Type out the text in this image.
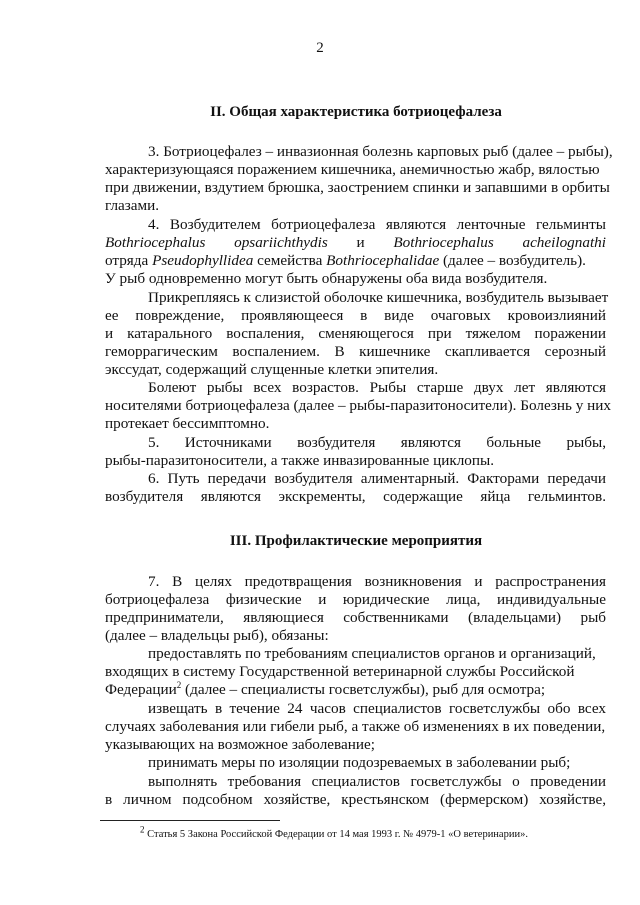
2
II. Общая характеристика ботриоцефалеза
3. Ботриоцефалез – инвазионная болезнь карповых рыб (далее – рыбы),
характеризующаяся поражением кишечника, анемичностью жабр, вялостью
при движении, вздутием брюшка, заострением спинки и запавшими в орбиты
глазами.
4. Возбудителем ботриоцефалеза являются ленточные гельминты
Bothriocephalus opsariichthydis и Bothriocephalus acheilognathi
отряда Pseudophyllidea семейства Bothriocephalidae (далее – возбудитель).
У рыб одновременно могут быть обнаружены оба вида возбудителя.
Прикрепляясь к слизистой оболочке кишечника, возбудитель вызывает
ее повреждение, проявляющееся в виде очаговых кровоизлияний
и катарального воспаления, сменяющегося при тяжелом поражении
геморрагическим воспалением. В кишечнике скапливается серозный
экссудат, содержащий слущенные клетки эпителия.
Болеют рыбы всех возрастов. Рыбы старше двух лет являются
носителями ботриоцефалеза (далее – рыбы-паразитоносители). Болезнь у них
протекает бессимптомно.
5. Источниками возбудителя являются больные рыбы,
рыбы-паразитоносители, а также инвазированные циклопы.
6. Путь передачи возбудителя алиментарный. Факторами передачи
возбудителя являются экскременты, содержащие яйца гельминтов.
III. Профилактические мероприятия
7. В целях предотвращения возникновения и распространения
ботриоцефалеза физические и юридические лица, индивидуальные
предприниматели, являющиеся собственниками (владельцами) рыб
(далее – владельцы рыб), обязаны:
предоставлять по требованиям специалистов органов и организаций,
входящих в систему Государственной ветеринарной службы Российской
Федерации$^2$ (далее – специалисты госветслужбы), рыб для осмотра;
извещать в течение 24 часов специалистов госветслужбы обо всех
случаях заболевания или гибели рыб, а также об изменениях в их поведении,
указывающих на возможное заболевание;
принимать меры по изоляции подозреваемых в заболевании рыб;
выполнять требования специалистов госветслужбы о проведении
в личном подсобном хозяйстве, крестьянском (фермерском) хозяйстве,
2 Статья 5 Закона Российской Федерации от 14 мая 1993 г. № 4979-1 «О ветеринарии».
